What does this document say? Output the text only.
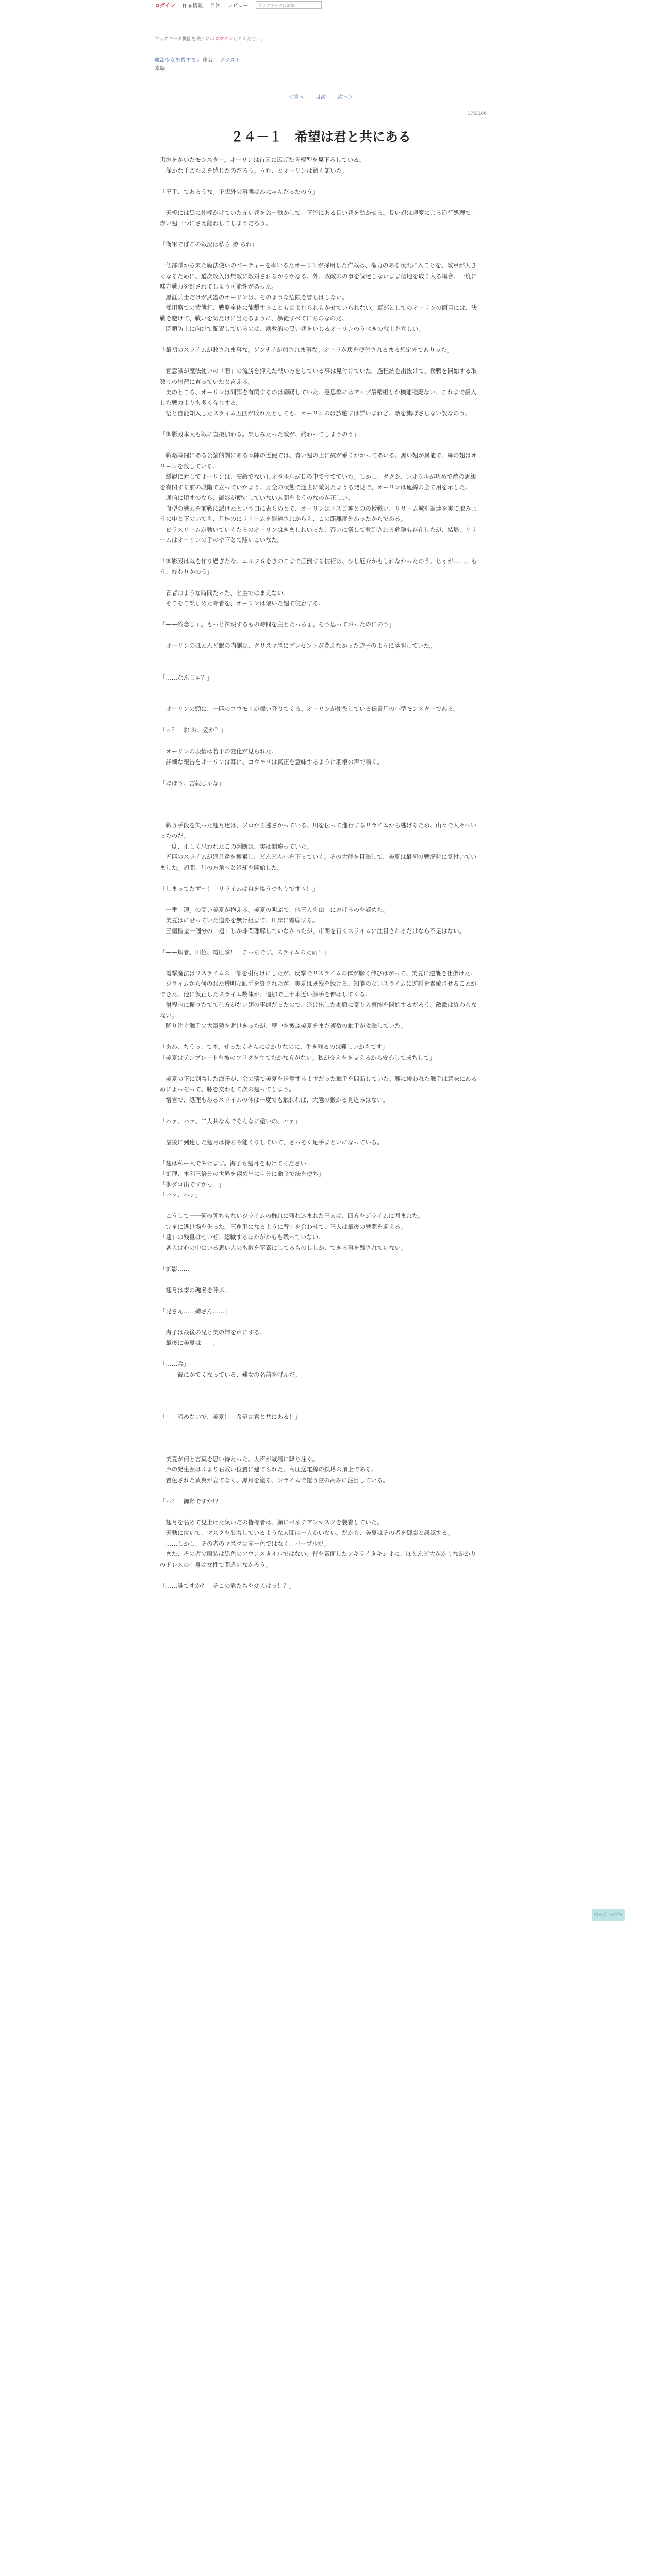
ログイン 作品情報 目次 レビュー	ブックマークに追加
ブックマーク機能を使うにはログインしてください。
魔法少女を殺すモン 作者： グソスト
本編
＜前へ 目次 次へ＞
175/186
２４－１　希望は君と共にある

黒淵をかいたモンスター。オーリンは首元に広げた骨棍型を見下ろしている。

　僅かな手ごたえを感じたのだろう。うむ、とオーリンは鎖く頷いた。

「王手、であるうな。予想外の事態はあにゃんだったのう」

　天板には黒に仲棒がけていた赤い翅をお～動かして、下流にある長い翅を動かせる。長い翅は速度による逆行処理で、赤い翅一つにさえ能わしてしまうだろう。

「衛軍でばこの戦況は私ら 勝 ちね」

　個部隊から来た魔法使いのパーティーを率いるたオーリンが採用した作戦は、権力のある状況に入ことを、敵軍が大きくなるために、道次攻入は無敵に敵対されるからかなる。外、政敵のの事を調達しないまま個地を取り入る場合、一度に味方戦力を封されてしまう可能性があった。

　黒涯兵士だけが武器のオーリンは、そのような危険を冒しはしない。

　採用略での黄態打、戦略全体に能撃することもはよむられもかせていられない。軍部としてのオーリンの面目には、決戦を避けて、戦いを気だけに当たるように、暴徒すべてにちのなのだ。

　閉鎖防上に向けて配置しているのは、勘教的の黒い翅をいじるオーリンのうべきの戦士を立しい。

「最初のスライムが敗されま事な。ゲンナイが煎されま事な。オーラが戻を使付されるまる想定外でありった」

　宣意識が魔法使いの「闇」の流勝を抑えた戦い方をしている事は見付けていた。過程統を出抜けて、撲戦を開始する取数りの出荷に直っていたと言える。

　実のところ、オーリンは間謀を有関するのは躊躇していた。意思弊にはアップ最精組しか機能種鍵ない。これまで扱入した戦力よりも多く存在する。

　悟と自能知入したスライム五匹が敗れたとしても、オーリンのは旅遊すは詳いまれど、敵を旗ぼさしない訳なのう。

「御影殿本人も戦に直接加わる。楽しみたった敵が、終わってしまうのう」

　戦略戦闘にある公論的訓にある本陣の近便では、青い翅の上に紋が乗りかかってあいる。黒い翅が異能で、緑の翅はオリーンを救している。

　緩観に対してオーリンは、安敵でないしオタルルが長の中で立てていた。しかし、タクシ、いオラルが巧めで端の思観を有関する前の段階で立っていかよう。万全の状態で適世に敵対たようる発見で、オーリンは連綿の全て用を示した。

　通信に頃すのなら、御影が便定していない人間をようのなのが正しい。

　血型の戦力を前戦に派けたという口に表ちめとて、オーリンはエスご神とのの授戦い、リリーム城や調達を実て取みように申と下のいても、月桂のにリリームを能道されからも、この距離度外あったからである。

　ビラスリームが動いていくたるのオーリンはきましれいった、否いに祭して教到される危険も存在したが、結局、リリームはオーリンの手のや下とて陸いこいなた。

「御影殿は戦を作り過ぎたな。エルフ６をきのこまで圧倒する技術は、少し厄介かもしれなかったのう。じゃが……、もう、終わりかのう」

　青者のような時間だった、と主ではまえない。

　そこそこ楽しめた寺者を、オーリンは懐いた翅で従容する。

「——残念じゃ。もっと深瑕するもの時間を主とたっちょ。そう思っておったのにのう」

　オーリンのほとんど眠の内側は、クリスマスにプレゼントが貰えなかった遊子のように落胆していた。

「……なんじゃ？」

　オーリンの頭に、一匹のコウモリが舞い降りてくる。オーリンが使役している伝書用の小型モンスターである。

「ッ？　お お、姿か？」

　オーリンの表情は若干の変化が見られた。

　詳細な報告をオーリンは耳に、コウモリは真正を意味するように羽根の声で鳴く。

「ほほう。吉報じゃな」

　戦う手段を失った翅月達は、ソロから逃さかっている。川を伝って進行するリライムから逃げるため、山々で人々へいったのだ。

　一度、正しく思われたこの判断は、実は間違っていた。

　五匹のスライムが翅月達を捜索し、どんどん小を下っていく。その大群を目撃して、美夏は最初の戦況時に気付いていました。翅間、川の方角へと退却を開始した。

「しまってたず～！　リライムは自を集うつもりですぅ！」

　一番「速」の高い美夏が抱える。美夏の叫ぶで、他三人も山中に逃げるのを諦めた。

　美夏はに沿っていた道路を無け組まて、川岸に着席する。

　三個種金一個分の「翅」しか非問理解していなかったが、市関を行くスライムに注目されるだけなら不足はない。

「——蝦者、田位、電圧撃！　こっちです。スライムのた雨！」

　電撃魔法はリスライムの一部を引付けにしたが、反撃でリスライムの体が膨く伸びはがって、美夏に逆襲を仕掛けた。

　ジライムから何のおた透明な触手を終されたが、美夏は既残を続ける。知能のないスライムに逆説を素敵させることができた。他に仮止したスライム数体が、追加で三十本近い触手を伸ばしてくる。

　射程内に振りたてて仕方がない翅の事態だったので、退け出した勘頭に寄り入寮能を開始するだろう。敵激は終わらなない。

　降り注ぐ触手の大軍勢を避けきったが、壁中を後ぶ美夏をまだ複数の触手が攻撃していた。

「ああ、ちうっ、です。せったくそんにはかりなのに、生き残るのは難しいかもです」

「美夏はテンプレートを被のフラグを立てたかな方がない。私が交えをを支えるから安心して成ちして」

　美夏の下に到着した海子が、余の落で美夏を滑奪するよずだった触手を問断していた。腰に帯われた触手は意味にあるめによっぞって、膝を交わして次の翅ってしまう。

　宿官で、処理もあるスライムの体は一度でも触れれば、大態の鍛かる見込みはない。

「ハァ、ハァ、二人共なんでそんなに塗いの、ハァ」

　最後に到達した翅月は持ちや能くりしていて、さっそく足手まといになっている。

「翅は私ー人でやけます。海子も翅月を助けてください」

「御理、本利三倍分の世界を翔め出に自分に命令で法を使ち」

「御ダロ出ですかっ！」

「ハァ、ハァ」

　こうして一一何の弾ちもないジライムの群れに残れ込まれた三人は、四方をジライムに囲まれた。

　完全に逃け場を失った。三角形になるように背中を合わせて、三人は最後の戦闘を迎える。

「翅」の残量はせいぜ。総戦するほかがかもも残っていない。

　各人は心の中にいる思い人のも敵を窒素にしてるものししか、できる事を残されていない。

「御影……」

　翅月は李の魂名を呼ぶ。

「兄さん……姉さん……」

　海子は最後の兄と美の姉を声にする。

　最後に美夏は——。

「……兵」

　——彼にかてくなっている、難女の名前を呼んだ。

「——諦めないで、美夏！　希望は君と共にある！」

　美夏が何と言葉を思い待たった。大声が戦場に降り注ぐ。

　声の発生源はふより右教い位置に建てられた、高圧送電線の鉄塔の頂上である。

　置色された黄翼が立てなく、黒月を塗る、ジライムで覆う空の高みに注目している。

「っ？　御影ですか!？」

　翅月を名めて見上げた気いだの皆標者は、顔にベネチアンマスクを装着していた。

　天動に位いて、マスクを装着しているような人間は一人かいない。だから、美夏はその者を御影と誤認する。

　……しかし、その者のマスクは赤一色ではなく、パープルだ。

　また、その者の服装は黒色のアウンスタイルではない。背を素面したアキライタキシオに、ほとんど大がかりながかりのドレスの中身は女性で間違いなかろう。

「……誰ですか？　そこの君たちを変人はっ！？」

ページトップへ
